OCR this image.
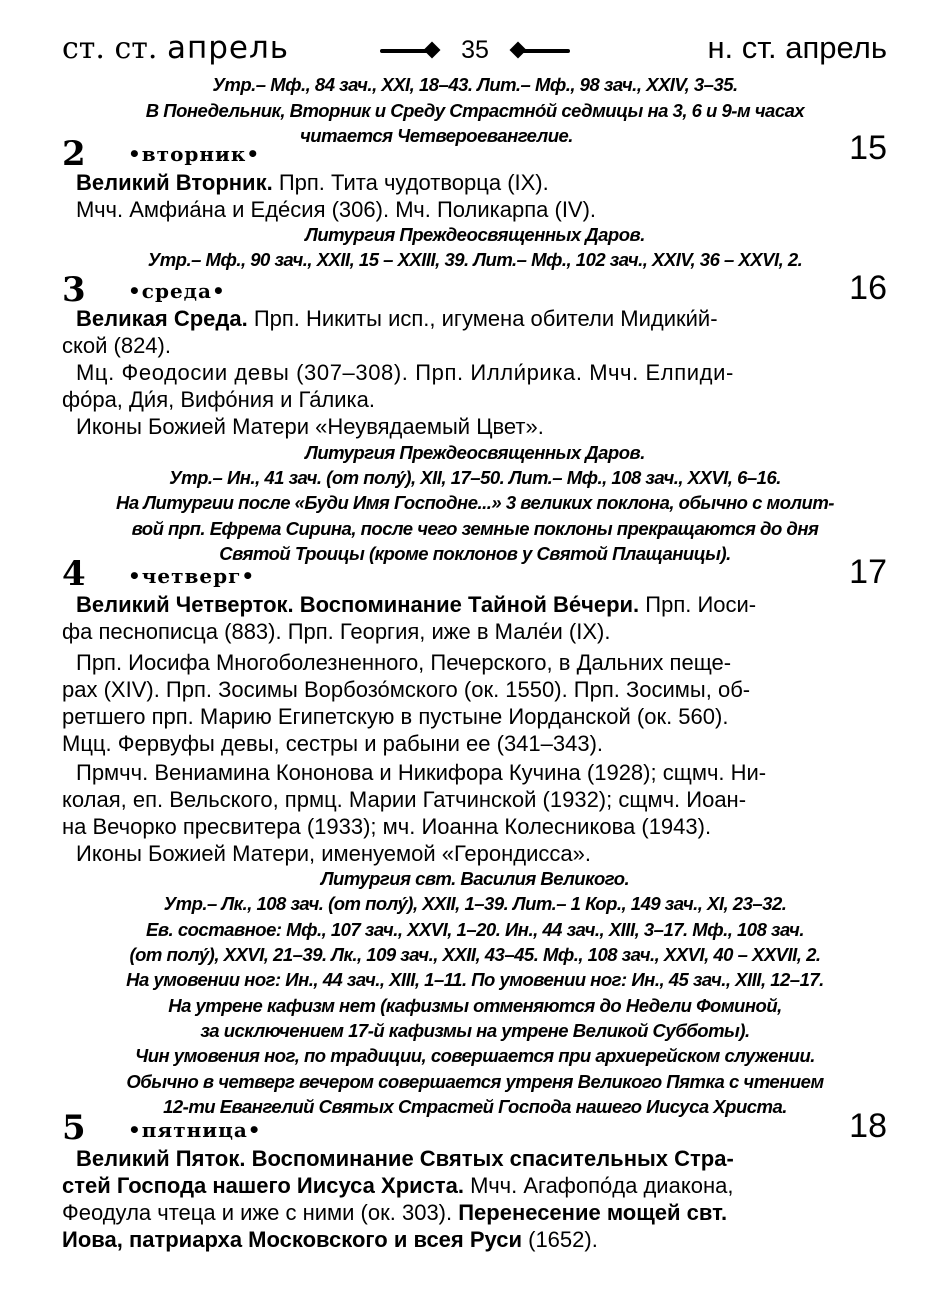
ст. ст. апрель	35	н. ст. апрель
Утр.– Мф., 84 зач., XXI, 18–43. Лит.– Мф., 98 зач., XXIV, 3–35.
В Понедельник, Вторник и Среду Страстно́й седмицы на 3, 6 и 9-м часах
читается Четвероевангелие.
2 •вторник•	15
Великий Вторник. Прп. Тита чудотворца (IX).
Мчч. Амфиа́на и Еде́сия (306). Мч. Поликарпа (IV).
Литургия Преждеосвященных Даров.
Утр.– Мф., 90 зач., XXII, 15 – XXIII, 39. Лит.– Мф., 102 зач., XXIV, 36 – XXVI, 2.
3 •среда•	16
Великая Среда. Прп. Никиты исп., игумена обители Мидики́й-
ской (824).
Мц. Феодосии девы (307–308). Прп. Илли́рика. Мчч. Елпиди-
фо́ра, Ди́я, Вифо́ния и Га́лика.
Иконы Божией Матери «Неувядаемый Цвет».
Литургия Преждеосвященных Даров.
Утр.– Ин., 41 зач. (от полу́), XII, 17–50. Лит.– Мф., 108 зач., XXVI, 6–16.
На Литургии после «Буди Имя Господне...» 3 великих поклона, обычно с молит-
вой прп. Ефрема Сирина, после чего земные поклоны прекращаются до дня
Святой Троицы (кроме поклонов у Святой Плащаницы).
4 •четверг•	17
Великий Четверток. Воспоминание Тайной Ве́чери. Прп. Иоси-
фа песнописца (883). Прп. Георгия, иже в Мале́и (IX).
Прп. Иосифа Многоболезненного, Печерского, в Дальних пеще-
рах (XIV). Прп. Зосимы Ворбозо́мского (ок. 1550). Прп. Зосимы, об-
ретшего прп. Марию Египетскую в пустыне Иорданской (ок. 560).
Мцц. Фервуфы девы, сестры и рабыни ее (341–343).
Прмчч. Вениамина Кононова и Никифора Кучина (1928); сщмч. Ни-
колая, еп. Вельского, прмц. Марии Гатчинской (1932); сщмч. Иоан-
на Вечорко пресвитера (1933); мч. Иоанна Колесникова (1943).
Иконы Божией Матери, именуемой «Герондисса».
Литургия свт. Василия Великого.
Утр.– Лк., 108 зач. (от полу́), XXII, 1–39. Лит.– 1 Кор., 149 зач., XI, 23–32.
Ев. составное: Мф., 107 зач., XXVI, 1–20. Ин., 44 зач., XIII, 3–17. Мф., 108 зач.
(от полу́), XXVI, 21–39. Лк., 109 зач., XXII, 43–45. Мф., 108 зач., XXVI, 40 – XXVII, 2.
На умовении ног: Ин., 44 зач., XIII, 1–11. По умовении ног: Ин., 45 зач., XIII, 12–17.
На утрене кафизм нет (кафизмы отменяются до Недели Фоминой,
за исключением 17-й кафизмы на утрене Великой Субботы).
Чин умовения ног, по традиции, совершается при архиерейском служении.
Обычно в четверг вечером совершается утреня Великого Пятка с чтением
12-ти Евангелий Святых Страстей Господа нашего Иисуса Христа.
5 •пятница•	18
Великий Пяток. Воспоминание Святых спасительных Стра-
стей Господа нашего Иисуса Христа. Мчч. Агафопо́да диакона,
Феодула чтеца и иже с ними (ок. 303). Перенесение мощей свт.
Иова, патриарха Московского и всея Руси (1652).
